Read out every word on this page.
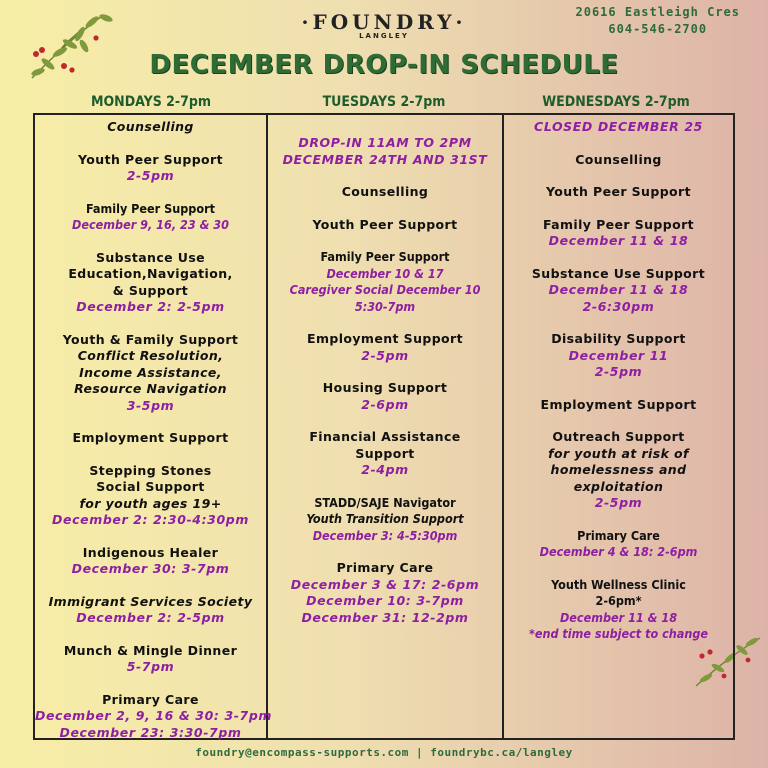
·FOUNDRY·
LANGLEY
20616 Eastleigh Cres
604-546-2700
DECEMBER DROP-IN SCHEDULE
MONDAYS 2-7pm	TUESDAYS 2-7pm	WEDNESDAYS 2-7pm
Counselling
Youth Peer Support
2-5pm
Family Peer Support
December 9, 16, 23 & 30
Substance Use
Education,Navigation,
& Support
December 2: 2-5pm
Youth & Family Support
Conflict Resolution,
Income Assistance,
Resource Navigation
3-5pm
Employment Support
Stepping Stones
Social Support
for youth ages 19+
December 2: 2:30-4:30pm
Indigenous Healer
December 30: 3-7pm
Immigrant Services Society
December 2: 2-5pm
Munch & Mingle Dinner
5-7pm
Primary Care
December 2, 9, 16 & 30: 3-7pm
December 23: 3:30-7pm
DROP-IN 11AM TO 2PM
DECEMBER 24TH AND 31ST
Counselling
Youth Peer Support
Family Peer Support
December 10 & 17
Caregiver Social December 10
5:30-7pm
Employment Support
2-5pm
Housing Support
2-6pm
Financial Assistance
Support
2-4pm
STADD/SAJE Navigator
Youth Transition Support
December 3: 4-5:30pm
Primary Care
December 3 & 17: 2-6pm
December 10: 3-7pm
December 31: 12-2pm
CLOSED DECEMBER 25
Counselling
Youth Peer Support
Family Peer Support
December 11 & 18
Substance Use Support
December 11 & 18
2-6:30pm
Disability Support
December 11
2-5pm
Employment Support
Outreach Support
for youth at risk of
homelessness and
exploitation
2-5pm
Primary Care
December 4 & 18: 2-6pm
Youth Wellness Clinic
2-6pm*
December 11 & 18
*end time subject to change
foundry@encompass-supports.com | foundrybc.ca/langley
